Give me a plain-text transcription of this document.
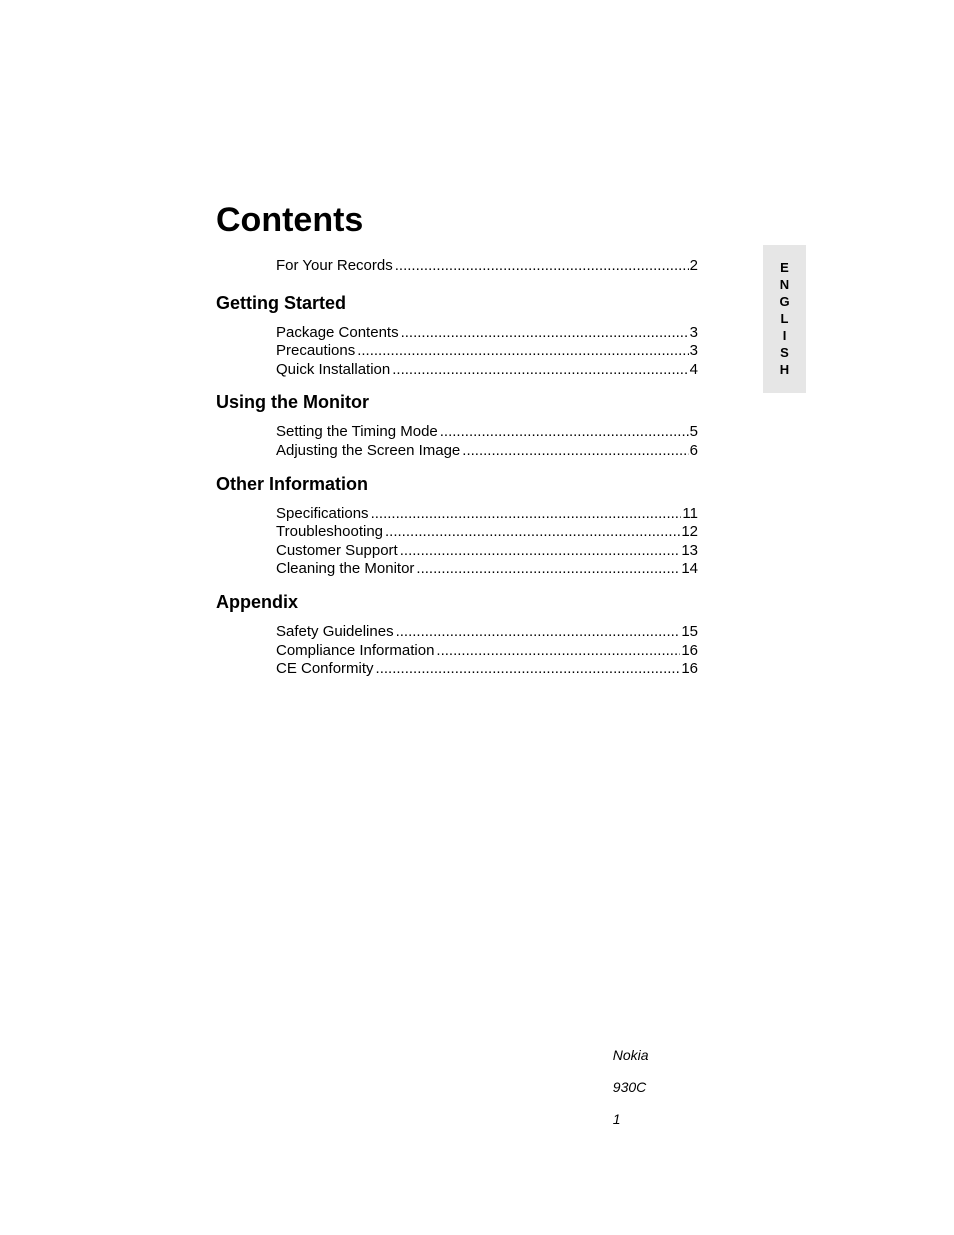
Contents
For Your Records .....	2
Getting Started
Package Contents .....	3
Precautions .....	3
Quick Installation .....	4
Using the Monitor
Setting the Timing Mode .....	5
Adjusting the Screen Image .....	6
Other Information
Specifications .....	11
Troubleshooting .....	12
Customer Support .....	13
Cleaning the Monitor .....	14
Appendix
Safety Guidelines .....	15
Compliance Information .....	16
CE Conformity .....	16
E
N
G
L
I
S
H

Nokia

930C

1
